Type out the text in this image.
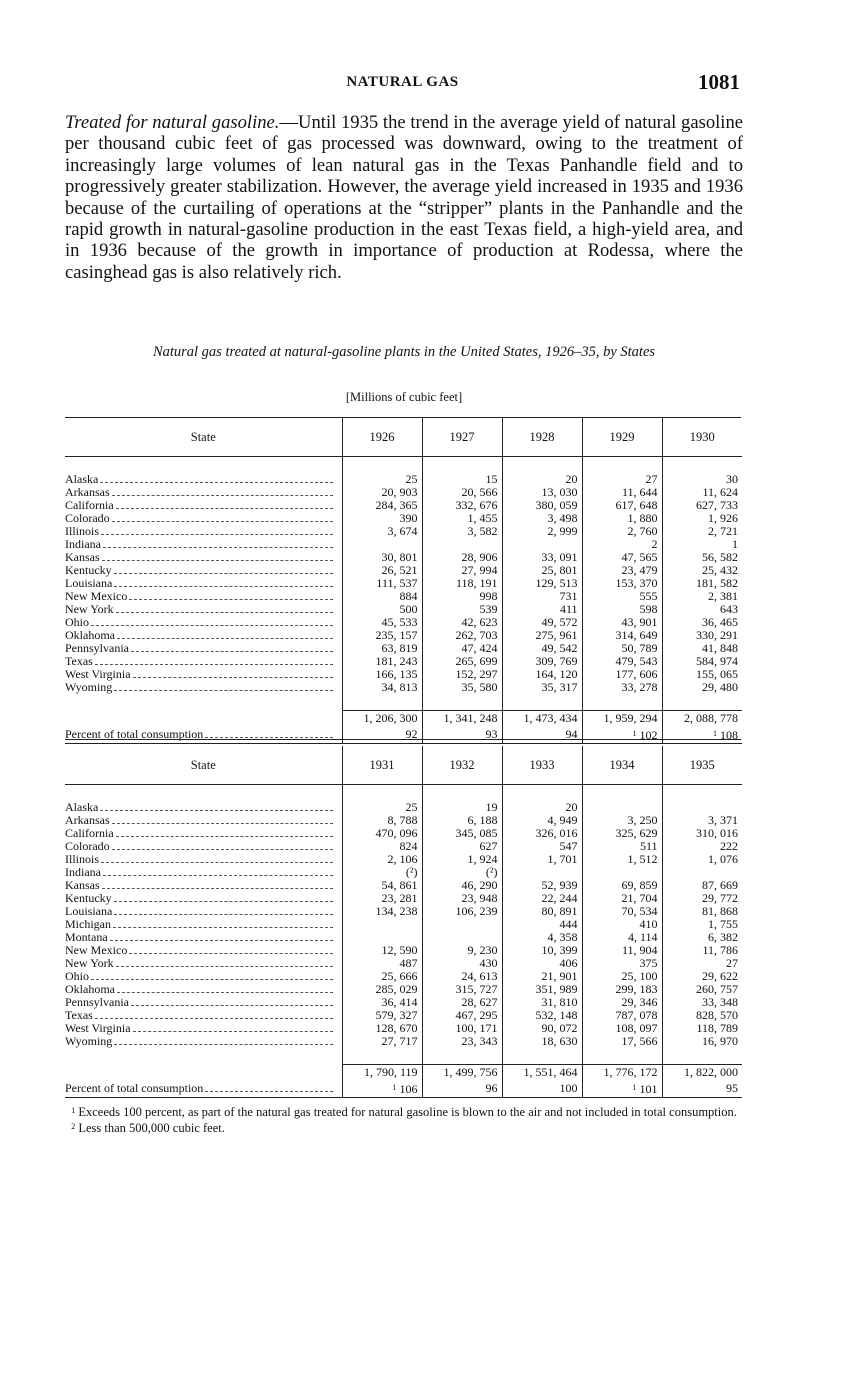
NATURAL GAS	1081

Treated for natural gasoline.—Until 1935 the trend in the average yield of natural gasoline per thousand cubic feet of gas processed was downward, owing to the treatment of increasingly large volumes of lean natural gas in the Texas Panhandle field and to progressively greater stabilization. However, the average yield increased in 1935 and 1936 because of the curtailing of operations at the “stripper” plants in the Panhandle and the rapid growth in natural-gasoline production in the east Texas field, a high-yield area, and in 1936 because of the growth in importance of production at Rodessa, where the casinghead gas is also relatively rich.

Natural gas treated at natural-gasoline plants in the United States, 1926–35, by States
[Millions of cubic feet]
State	1926	1927	1928	1929	1930

Alaska	25	15	20	27	30

Arkansas	20, 903	20, 566	13, 030	11, 644	11, 624

California	284, 365	332, 676	380, 059	617, 648	627, 733

Colorado	390	1, 455	3, 498	1, 880	1, 926

Illinois	3, 674	3, 582	2, 999	2, 760	2, 721

Indiana				2	1

Kansas	30, 801	28, 906	33, 091	47, 565	56, 582

Kentucky	26, 521	27, 994	25, 801	23, 479	25, 432

Louisiana	111, 537	118, 191	129, 513	153, 370	181, 582

New Mexico	884	998	731	555	2, 381

New York	500	539	411	598	643

Ohio	45, 533	42, 623	49, 572	43, 901	36, 465

Oklahoma	235, 157	262, 703	275, 961	314, 649	330, 291

Pennsylvania	63, 819	47, 424	49, 542	50, 789	41, 848

Texas	181, 243	265, 699	309, 769	479, 543	584, 974

West Virginia	166, 135	152, 297	164, 120	177, 606	155, 065

Wyoming	34, 813	35, 580	35, 317	33, 278	29, 480

	1, 206, 300	1, 341, 248	1, 473, 434	1, 959, 294	2, 088, 778

Percent of total consumption	92	93	94	$^1$ 102	$^1$ 108
State	1931	1932	1933	1934	1935

Alaska	25	19	20		

Arkansas	8, 788	6, 188	4, 949	3, 250	3, 371

California	470, 096	345, 085	326, 016	325, 629	310, 016

Colorado	824	627	547	511	222

Illinois	2, 106	1, 924	1, 701	1, 512	1, 076

Indiana	(²)	(²)			

Kansas	54, 861	46, 290	52, 939	69, 859	87, 669

Kentucky	23, 281	23, 948	22, 244	21, 704	29, 772

Louisiana	134, 238	106, 239	80, 891	70, 534	81, 868

Michigan			444	410	1, 755

Montana			4, 358	4, 114	6, 382

New Mexico	12, 590	9, 230	10, 399	11, 904	11, 786

New York	487	430	406	375	27

Ohio	25, 666	24, 613	21, 901	25, 100	29, 622

Oklahoma	285, 029	315, 727	351, 989	299, 183	260, 757

Pennsylvania	36, 414	28, 627	31, 810	29, 346	33, 348

Texas	579, 327	467, 295	532, 148	787, 078	828, 570

West Virginia	128, 670	100, 171	90, 072	108, 097	118, 789

Wyoming	27, 717	23, 343	18, 630	17, 566	16, 970

	1, 790, 119	1, 499, 756	1, 551, 464	1, 776, 172	1, 822, 000

Percent of total consumption	$^1$ 106	96	100	$^1$ 101	95
$^1$ Exceeds 100 percent, as part of the natural gas treated for natural gasoline is blown to the air and not included in total consumption.
$^2$ Less than 500,000 cubic feet.
